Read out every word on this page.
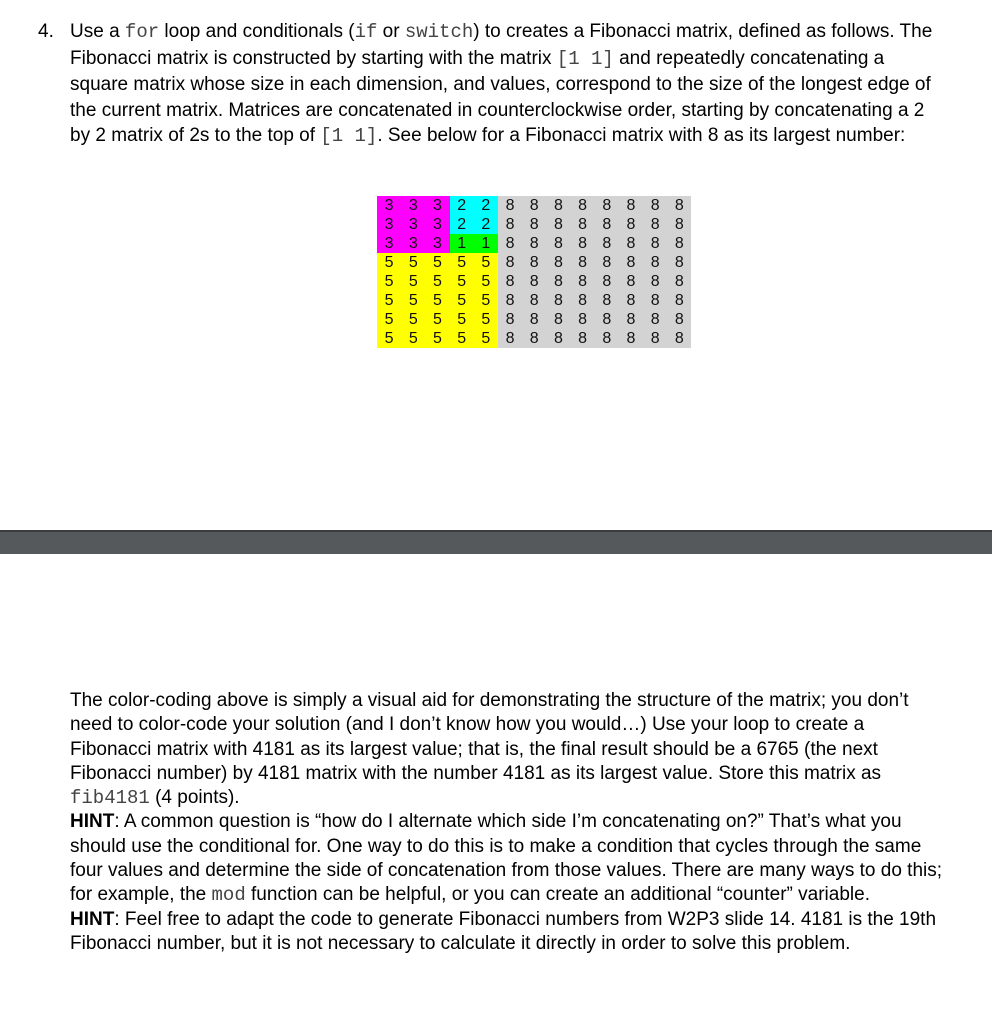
4. Use a for loop and conditionals (if or switch) to creates a Fibonacci matrix, defined as follows. The Fibonacci matrix is constructed by starting with the matrix [1 1] and repeatedly concatenating a square matrix whose size in each dimension, and values, correspond to the size of the longest edge of the current matrix. Matrices are concatenated in counterclockwise order, starting by concatenating a 2 by 2 matrix of 2s to the top of [1 1]. See below for a Fibonacci matrix with 8 as its largest number:
3 3 3 2 2 8 8 8 8 8 8 8 8
3 3 3 2 2 8 8 8 8 8 8 8 8
3 3 3 1 1 8 8 8 8 8 8 8 8
5 5 5 5 5 8 8 8 8 8 8 8 8
5 5 5 5 5 8 8 8 8 8 8 8 8
5 5 5 5 5 8 8 8 8 8 8 8 8
5 5 5 5 5 8 8 8 8 8 8 8 8
5 5 5 5 5 8 8 8 8 8 8 8 8
The color-coding above is simply a visual aid for demonstrating the structure of the matrix; you don’t need to color-code your solution (and I don’t know how you would…) Use your loop to create a Fibonacci matrix with 4181 as its largest value; that is, the final result should be a 6765 (the next Fibonacci number) by 4181 matrix with the number 4181 as its largest value. Store this matrix as fib4181 (4 points).
HINT: A common question is “how do I alternate which side I’m concatenating on?” That’s what you should use the conditional for. One way to do this is to make a condition that cycles through the same four values and determine the side of concatenation from those values. There are many ways to do this; for example, the mod function can be helpful, or you can create an additional “counter” variable.
HINT: Feel free to adapt the code to generate Fibonacci numbers from W2P3 slide 14. 4181 is the 19th Fibonacci number, but it is not necessary to calculate it directly in order to solve this problem.
